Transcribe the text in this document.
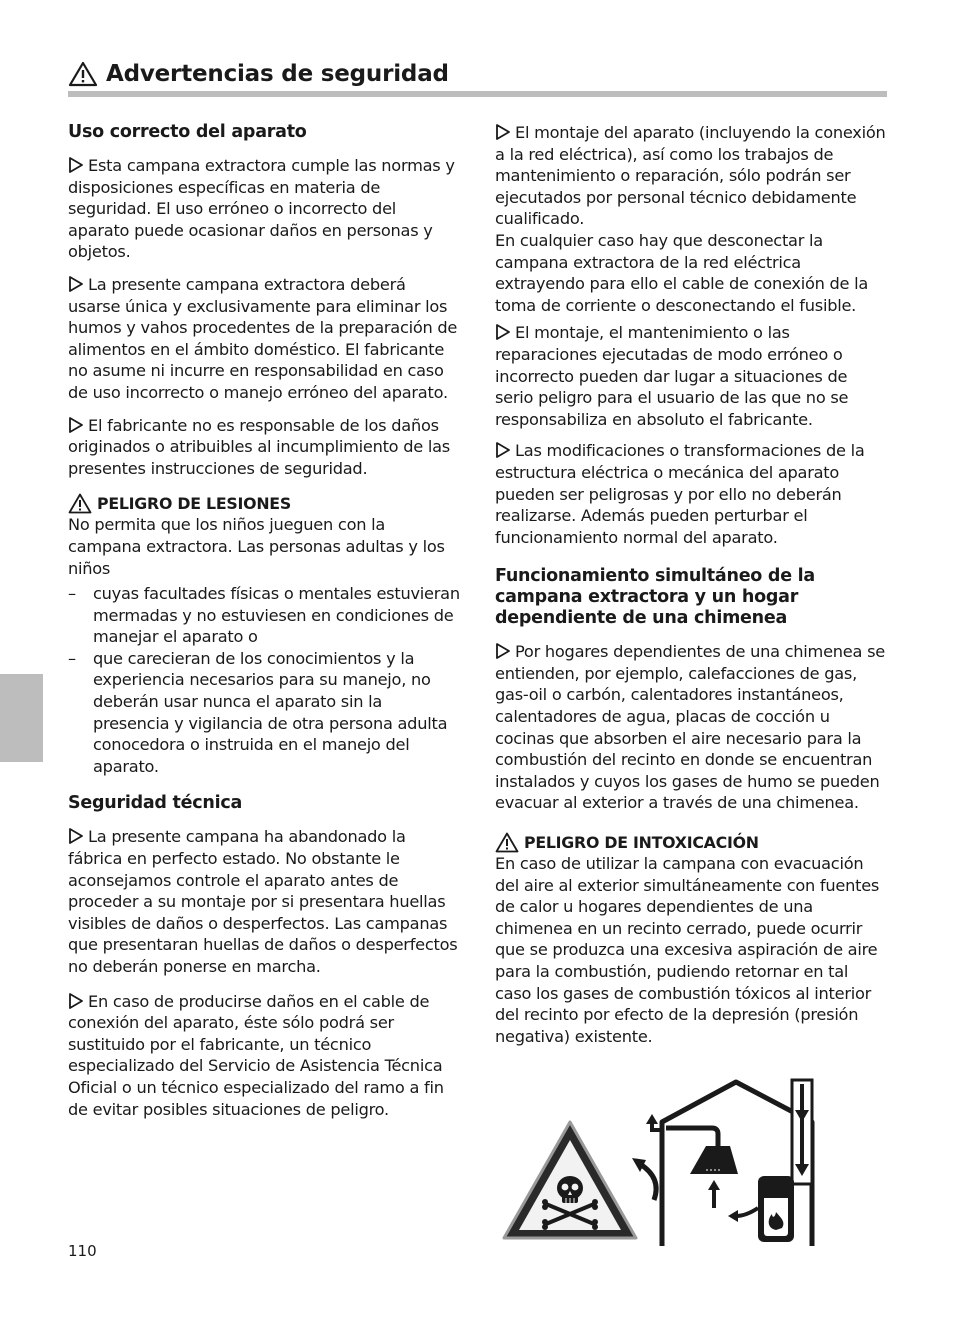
Advertencias de seguridad
Uso correcto del aparato

Esta campana extractora cumple las normas y disposiciones específicas en materia de seguridad. El uso erróneo o incorrecto del aparato puede ocasionar daños en personas y objetos.

La presente campana extractora deberá usarse única y exclusivamente para eliminar los humos y vahos procedentes de la preparación de alimentos en el ámbito doméstico. El fabricante no asume ni incurre en responsabilidad en caso de uso incorrecto o manejo erróneo del aparato.

El fabricante no es responsable de los daños originados o atribuibles al incumplimiento de las presentes instrucciones de seguridad.

PELIGRO DE LESIONES

No permita que los niños jueguen con la campana extractora. Las personas adultas y los niños

– cuyas facultades físicas o mentales estuvieran mermadas y no estuviesen en condiciones de manejar el aparato o
– que carecieran de los conocimientos y la experiencia necesarios para su manejo, no deberán usar nunca el aparato sin la presencia y vigilancia de otra persona adulta conocedora o instruida en el manejo del aparato.
Seguridad técnica

La presente campana ha abandonado la fábrica en perfecto estado. No obstante le aconsejamos controle el aparato antes de proceder a su montaje por si presentara huellas visibles de daños o desperfectos. Las campanas que presentaran huellas de daños o desperfectos no deberán ponerse en marcha.

En caso de producirse daños en el cable de conexión del aparato, éste sólo podrá ser sustituido por el fabricante, un técnico especializado del Servicio de Asistencia Técnica Oficial o un técnico especializado del ramo a fin de evitar posibles situaciones de peligro.

El montaje del aparato (incluyendo la conexión a la red eléctrica), así como los trabajos de mantenimiento o reparación, sólo podrán ser ejecutados por personal técnico debidamente cualificado.

En cualquier caso hay que desconectar la campana extractora de la red eléctrica extrayendo para ello el cable de conexión de la toma de corriente o desconectando el fusible.

El montaje, el mantenimiento o las reparaciones ejecutadas de modo erróneo o incorrecto pueden dar lugar a situaciones de serio peligro para el usuario de las que no se responsabiliza en absoluto el fabricante.

Las modificaciones o transformaciones de la estructura eléctrica o mecánica del aparato pueden ser peligrosas y por ello no deberán realizarse. Además pueden perturbar el funcionamiento normal del aparato.

Funcionamiento simultáneo de la campana extractora y un hogar dependiente de una chimenea

Por hogares dependientes de una chimenea se entienden, por ejemplo, calefacciones de gas, gas-oil o carbón, calentadores instantáneos, calentadores de agua, placas de cocción u cocinas que absorben el aire necesario para la combustión del recinto en donde se encuentran instalados y cuyos los gases de humo se pueden evacuar al exterior a través de una chimenea.

PELIGRO DE INTOXICACIÓN

En caso de utilizar la campana con evacuación del aire al exterior simultáneamente con fuentes de calor u hogares dependientes de una chimenea en un recinto cerrado, puede ocurrir que se produzca una excesiva aspiración de aire para la combustión, pudiendo retornar en tal caso los gases de combustión tóxicos al interior del recinto por efecto de la depresión (presión negativa) existente.

110
